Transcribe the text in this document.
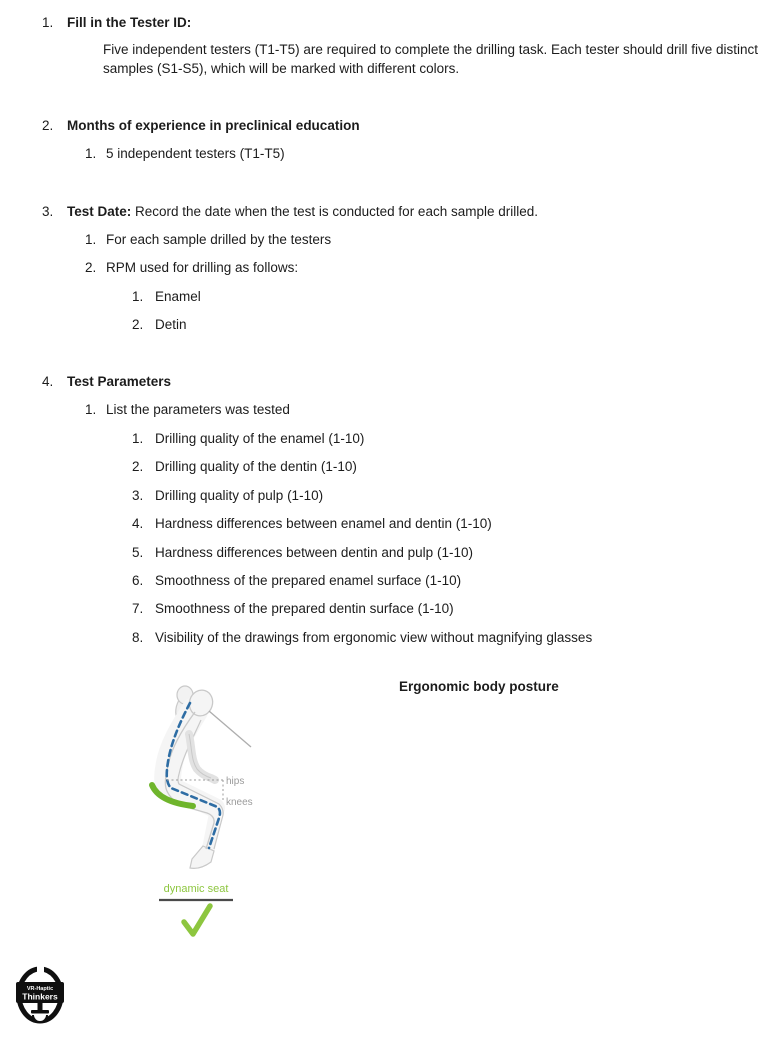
1.	Fill in the Tester ID:
Five independent testers (T1-T5) are required to complete the drilling task. Each tester should drill five distinct samples (S1-S5), which will be marked with different colors.
2.	Months of experience in preclinical education
1. 5 independent testers (T1-T5)
3.	Test Date: Record the date when the test is conducted for each sample drilled.
1. For each sample drilled by the testers
2. RPM used for drilling as follows:
1. Enamel
2. Detin
4.	Test Parameters
1. List the parameters was tested
1. Drilling quality of the enamel (1-10)
2. Drilling quality of the dentin (1-10)
3. Drilling quality of pulp (1-10)
4. Hardness differences between enamel and dentin (1-10)
5. Hardness differences between dentin and pulp (1-10)
6. Smoothness of the prepared enamel surface (1-10)
7. Smoothness of the prepared dentin surface (1-10)
8. Visibility of the drawings from ergonomic view without magnifying glasses
Ergonomic body posture
hips
knees
dynamic seat
VR-Haptic
Thinkers
